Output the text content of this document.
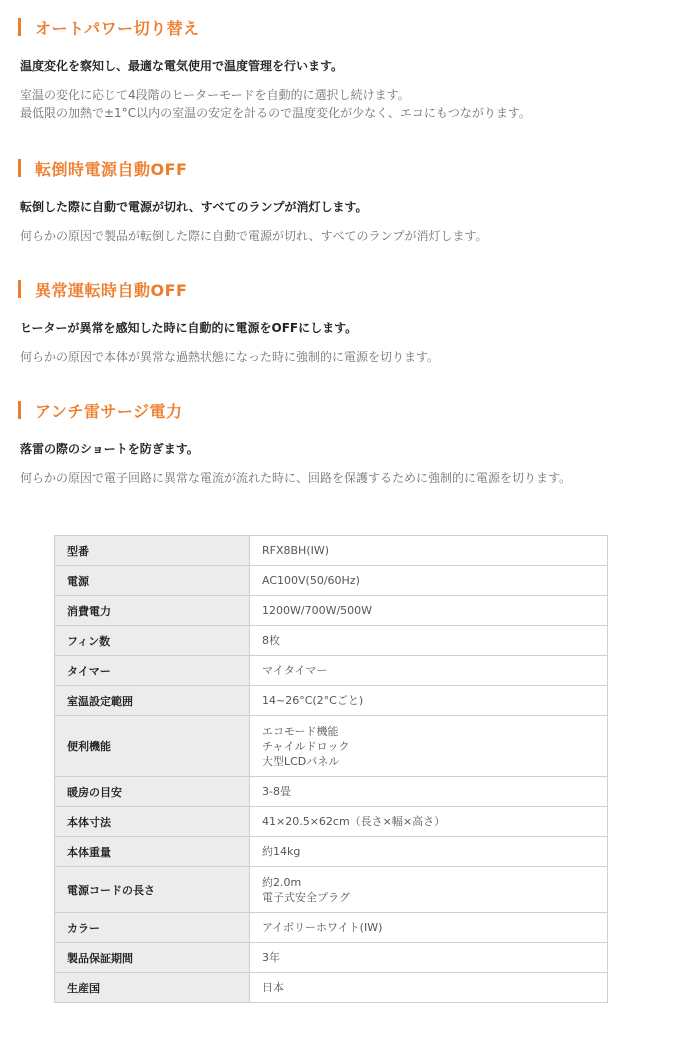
オートパワー切り替え

温度変化を察知し、最適な電気使用で温度管理を行います。

室温の変化に応じて4段階のヒーターモードを自動的に選択し続けます。
最低限の加熱で±1°C以内の室温の安定を計るので温度変化が少なく、エコにもつながります。

転倒時電源自動OFF

転倒した際に自動で電源が切れ、すべてのランプが消灯します。

何らかの原因で製品が転倒した際に自動で電源が切れ、すべてのランプが消灯します。

異常運転時自動OFF

ヒーターが異常を感知した時に自動的に電源をOFFにします。

何らかの原因で本体が異常な過熱状態になった時に強制的に電源を切ります。

アンチ雷サージ電力

落雷の際のショートを防ぎます。

何らかの原因で電子回路に異常な電流が流れた時に、回路を保護するために強制的に電源を切ります。

型番	RFX8BH(IW)

電源	AC100V(50/60Hz)

消費電力	1200W/700W/500W

フィン数	8枚

タイマー	マイタイマー

室温設定範囲	14~26°C(2°Cごと)

便利機能	エコモード機能
チャイルドロック
大型LCDパネル

暖房の目安	3-8畳

本体寸法	41×20.5×62cm（長さ×幅×高さ）

本体重量	約14kg

電源コードの長さ	約2.0m
電子式安全プラグ

カラー	アイボリーホワイト(IW)

製品保証期間	3年

生産国	日本
